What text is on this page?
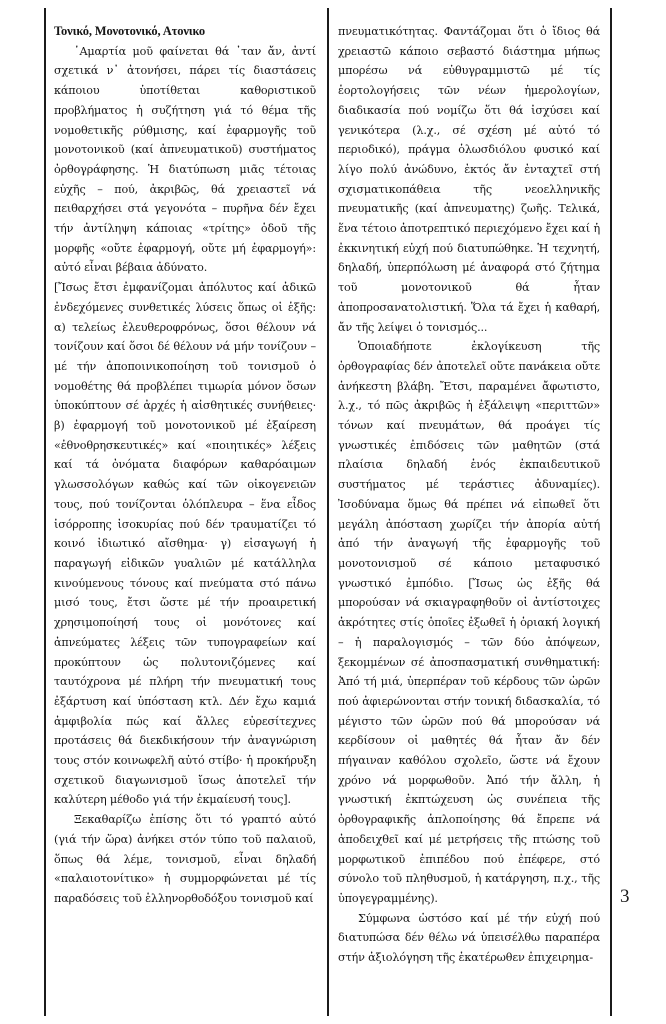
Τονικό, Μονοτονικό, Ατονικο

῾Αμαρτία μοῦ φαίνεται θά ᾽ταν ἄν, ἀντί σχετικά ν᾽ ἀτονήσει, πάρει τίς διαστάσεις κάποιου ὑποτίθεται καθοριστικοῦ προβλήματος ἡ συζήτηση γιά τό θέμα τῆς νομοθετικῆς ρύθμισης, καί ἐφαρμογῆς τοῦ μονοτονικοῦ (καί ἀπνευματικοῦ) συστήματος ὀρθογράφησης. Ἡ διατύπωση μιᾶς τέτοιας εὐχῆς – πού, ἀκριβῶς, θά χρειαστεῖ νά πειθαρχήσει στά γεγονότα – πυρῆνα δέν ἔχει τήν ἀντίληψη κάποιας «τρίτης» ὁδοῦ τῆς μορφῆς «οὔτε ἐφαρμογή, οὔτε μή ἐφαρμογή»: αὐτό εἶναι βέβαια ἀδύνατο.

[Ἴσως ἔτσι ἐμφανίζομαι ἀπόλυτος καί ἀδικῶ ἐνδεχόμενες συνθετικές λύσεις ὅπως οἱ ἑξῆς: α) τελείως ἐλευθεροφρόνως, ὅσοι θέλουν νά τονίζουν καί ὅσοι δέ θέλουν νά μήν τονίζουν – μέ τήν ἀποποινικοποίηση τοῦ τονισμοῦ ὁ νομοθέτης θά προβλέπει τιμωρία μόνον ὅσων ὑποκύπτουν σέ ἀρχές ἡ αἰσθητικές συνήθειες· β) ἐφαρμογή τοῦ μονοτονικοῦ μέ ἐξαίρεση «ἐθνοθρησκευτικές» καί «ποιητικές» λέξεις καί τά ὀνόματα διαφόρων καθαρόαιμων γλωσσολόγων καθώς καί τῶν οἰκογενειῶν τους, πού τονίζονται ὁλόπλευρα – ἕνα εἶδος ἰσόρροπης ἰσοκυρίας πού δέν τραυματίζει τό κοινό ἰδιωτικό αἴσθημα· γ) εἰσαγωγή ἡ παραγωγή εἰδικῶν γυαλιῶν μέ κατάλληλα κινούμενους τόνους καί πνεύματα στό πάνω μισό τους, ἔτσι ὥστε μέ τήν προαιρετική χρησιμοποίησή τους οἱ μονότονες καί ἀπνεύματες λέξεις τῶν τυπογραφείων καί προκύπτουν ὡς πολυτονιζόμενες καί ταυτόχρονα μέ πλήρη τήν πνευματική τους ἐξάρτυση καί ὑπόσταση κτλ. Δέν ἔχω καμιά ἀμφιβολία πώς καί ἄλλες εὐρεσίτεχνες προτάσεις θά διεκδικήσουν τήν ἀναγνώριση τους στόν κοινωφελῆ αὐτό στίβο· ἡ προκήρυξη σχετικοῦ διαγωνισμοῦ ἴσως ἀποτελεῖ τήν καλύτερη μέθοδο γιά τήν ἐκμαίευσή τους].

Ξεκαθαρίζω ἐπίσης ὅτι τό γραπτό αὐτό (γιά τήν ὥρα) ἀνήκει στόν τύπο τοῦ παλαιοῦ, ὅπως θά λέμε, τονισμοῦ, εἶναι δηλαδή «παλαιοτονίτικο» ἡ συμμορφώνεται μέ τίς παραδόσεις τοῦ ἑλληνορθοδόξου τονισμοῦ καί

πνευματικότητας. Φαντάζομαι ὅτι ὁ ἴδιος θά χρειαστῶ κάποιο σεβαστό διάστημα μήπως μπορέσω νά εὐθυγραμμιστῶ μέ τίς ἑορτολογήσεις τῶν νέων ἡμερολογίων, διαδικασία πού νομίζω ὅτι θά ἰσχύσει καί γενικότερα (λ.χ., σέ σχέση μέ αὐτό τό περιοδικό), πράγμα ὁλωσδιόλου φυσικό καί λίγο πολύ ἀνώδυνο, ἐκτός ἄν ἐνταχτεῖ στή σχισματικοπάθεια τῆς νεοελληνικῆς πνευματικῆς (καί ἀπνευματης) ζωῆς. Τελικά, ἕνα τέτοιο ἀποτρεπτικό περιεχόμενο ἔχει καί ἡ ἐκκινητική εὐχή πού διατυπώθηκε. Ἡ τεχνητή, δηλαδή, ὑπερπόλωση μέ ἀναφορά στό ζήτημα τοῦ μονοτονικοῦ θά ἦταν ἀποπροσανατολιστική. Ὅλα τά ἔχει ἡ καθαρή, ἄν τῆς λείψει ὁ τονισμός...

Ὁποιαδήποτε ἐκλογίκευση τῆς ὀρθογραφίας δέν ἀποτελεῖ οὔτε πανάκεια οὔτε ἀνήκεστη βλάβη. Ἔτσι, παραμένει ἄφωτιστο, λ.χ., τό πῶς ἀκριβῶς ἡ ἐξάλειψη «περιττῶν» τόνων καί πνευμάτων, θά προάγει τίς γνωστικές ἐπιδόσεις τῶν μαθητῶν (στά πλαίσια δηλαδή ἑνός ἐκπαιδευτικοῦ συστήματος μέ τεράστιες ἀδυναμίες). Ἰσοδύναμα ὅμως θά πρέπει νά εἰπωθεῖ ὅτι μεγάλη ἀπόσταση χωρίζει τήν ἀπορία αὐτή ἀπό τήν ἀναγωγή τῆς ἐφαρμογῆς τοῦ μονοτονισμοῦ σέ κάποιο μεταφυσικό γνωστικό ἐμπόδιο. [Ἴσως ὡς ἐξῆς θά μπορούσαν νά σκιαγραφηθοῦν οἱ ἀντίστοιχες ἀκρότητες στίς ὁποῖες ἐξωθεῖ ἡ ὁριακή λογική – ἡ παραλογισμός – τῶν δύο ἀπόψεων, ξεκομμένων σέ ἀποσπασματική συνθηματική: Ἀπό τή μιά, ὑπερπέραν τοῦ κέρδους τῶν ὡρῶν πού ἀφιερώνονται στήν τονική διδασκαλία, τό μέγιστο τῶν ὡρῶν πού θά μπορούσαν νά κερδίσουν οἱ μαθητές θά ἦταν ἄν δέν πήγαιναν καθόλου σχολεῖο, ὥστε νά ἔχουν χρόνο νά μορφωθοῦν. Ἀπό τήν ἄλλη, ἡ γνωστική ἐκπτώχευση ὡς συνέπεια τῆς ὀρθογραφικῆς ἁπλοποίησης θά ἔπρεπε νά ἀποδειχθεῖ καί μέ μετρήσεις τῆς πτώσης τοῦ μορφωτικοῦ ἐπιπέδου πού ἐπέφερε, στό σύνολο τοῦ πληθυσμοῦ, ἡ κατάργηση, π.χ., τῆς ὑπογεγραμμένης).

Σύμφωνα ὡστόσο καί μέ τήν εὐχή πού διατυπώσα δέν θέλω νά ὑπεισέλθω παραπέρα στήν ἀξιολόγηση τῆς ἑκατέρωθεν ἐπιχειρημα-

3
